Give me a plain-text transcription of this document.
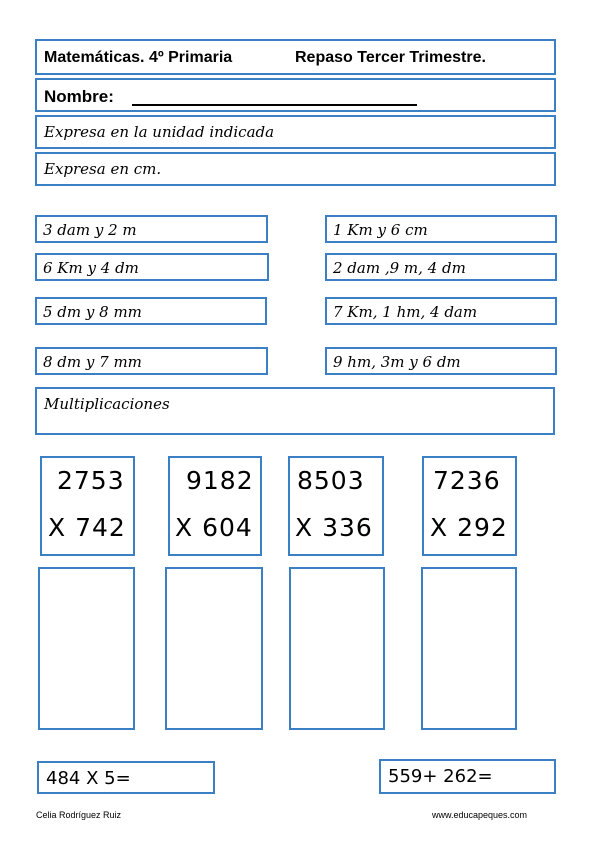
Matemáticas. 4º Primaria	Repaso Tercer Trimestre.
Nombre:
Expresa en la unidad indicada
Expresa en cm.
3 dam y 2 m	1 Km y 6 cm
6 Km y 4 dm	2 dam ,9 m, 4 dm
5 dm y 8 mm	7 Km, 1 hm, 4 dam
8 dm y 7 mm	9 hm, 3m y 6 dm
Multiplicaciones
2753
X 742
9182
X 604
8503
X 336
7236
X 292
484 X 5=	559+ 262=
Celia Rodríguez Ruiz	www.educapeques.com
